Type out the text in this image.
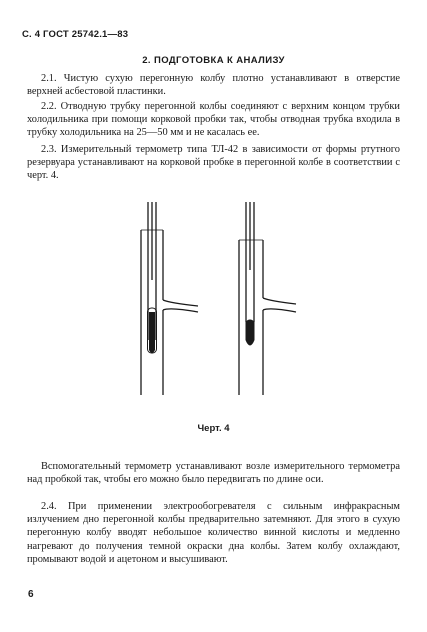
С. 4 ГОСТ 25742.1—83
2. ПОДГОТОВКА К АНАЛИЗУ

2.1. Чистую сухую перегонную колбу плотно устанавливают в отверстие верхней асбестовой пластинки.

2.2. Отводную трубку перегонной колбы соединяют с верхним концом трубки холодильника при помощи корковой пробки так, чтобы отводная трубка входила в трубку холодильника на 25—50 мм и не касалась ее.

2.3. Измерительный термометр типа ТЛ-42 в зависимости от формы ртутного резервуара устанавливают на корковой пробке в перегонной колбе в соответствии с черт. 4.

Черт. 4

Вспомогательный термометр устанавливают возле измерительного термометра над пробкой так, чтобы его можно было передвигать по длине оси.

2.4. При применении электрообогревателя с сильным инфракрасным излучением дно перегонной колбы предварительно затемняют. Для этого в сухую перегонную колбу вводят небольшое количество винной кислоты и медленно нагревают до получения темной окраски дна колбы. Затем колбу охлаждают, промывают водой и ацетоном и высушивают.

6
